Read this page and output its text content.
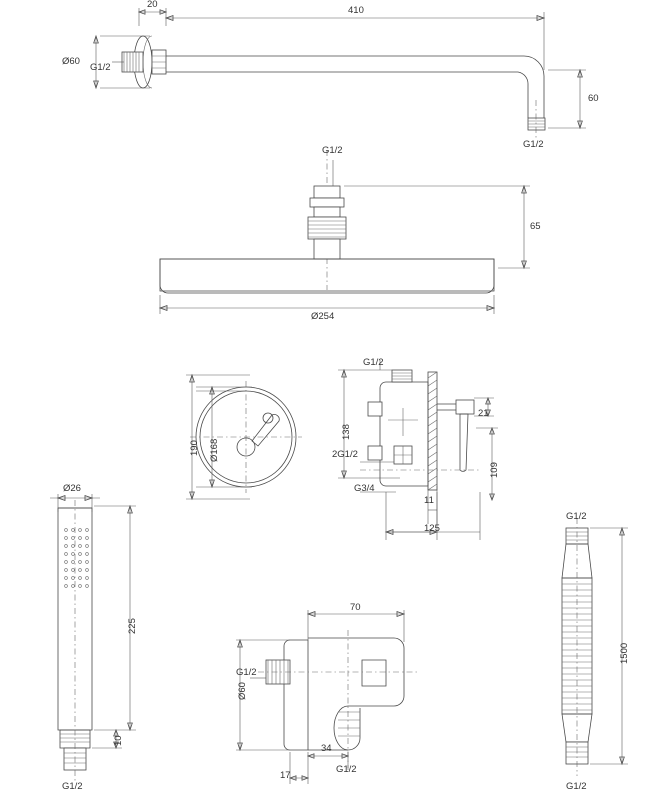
20
410
Ø60
G1/2
60
G1/2
G1/2
65
Ø254
Ø168
190
G1/2
138
2G1/2
G3/4
21
109
11
125
Ø26
225
10
G1/2
70
Ø60
G1/2
34
17
G1/2
G1/2
1500
G1/2
